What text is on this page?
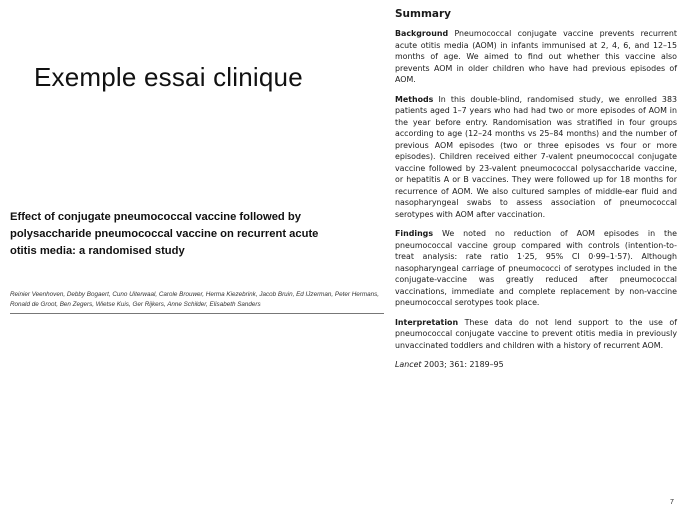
Exemple essai clinique
Effect of conjugate pneumococcal vaccine followed by polysaccharide pneumococcal vaccine on recurrent acute otitis media: a randomised study
Reinier Veenhoven, Debby Bogaert, Cuno Uiterwaal, Carole Brouwer, Herma Kiezebrink, Jacob Bruin, Ed IJzerman, Peter Hermans, Ronald de Groot, Ben Zegers, Wietse Kuis, Ger Rijkers, Anne Schilder, Elisabeth Sanders
Summary

Background Pneumococcal conjugate vaccine prevents recurrent acute otitis media (AOM) in infants immunised at 2, 4, 6, and 12–15 months of age. We aimed to find out whether this vaccine also prevents AOM in older children who have had previous episodes of AOM.

Methods In this double-blind, randomised study, we enrolled 383 patients aged 1–7 years who had had two or more episodes of AOM in the year before entry. Randomisation was stratified in four groups according to age (12–24 months vs 25–84 months) and the number of previous AOM episodes (two or three episodes vs four or more episodes). Children received either 7-valent pneumococcal conjugate vaccine followed by 23-valent pneumococcal polysaccharide vaccine, or hepatitis A or B vaccines. They were followed up for 18 months for recurrence of AOM. We also cultured samples of middle-ear fluid and nasopharyngeal swabs to assess association of pneumococcal serotypes with AOM after vaccination.

Findings We noted no reduction of AOM episodes in the pneumococcal vaccine group compared with controls (intention-to-treat analysis: rate ratio 1·25, 95% CI 0·99–1·57). Although nasopharyngeal carriage of pneumococci of serotypes included in the conjugate-vaccine was greatly reduced after pneumococcal vaccinations, immediate and complete replacement by non-vaccine pneumococcal serotypes took place.

Interpretation These data do not lend support to the use of pneumococcal conjugate vaccine to prevent otitis media in previously unvaccinated toddlers and children with a history of recurrent AOM.

Lancet 2003; 361: 2189–95

7
